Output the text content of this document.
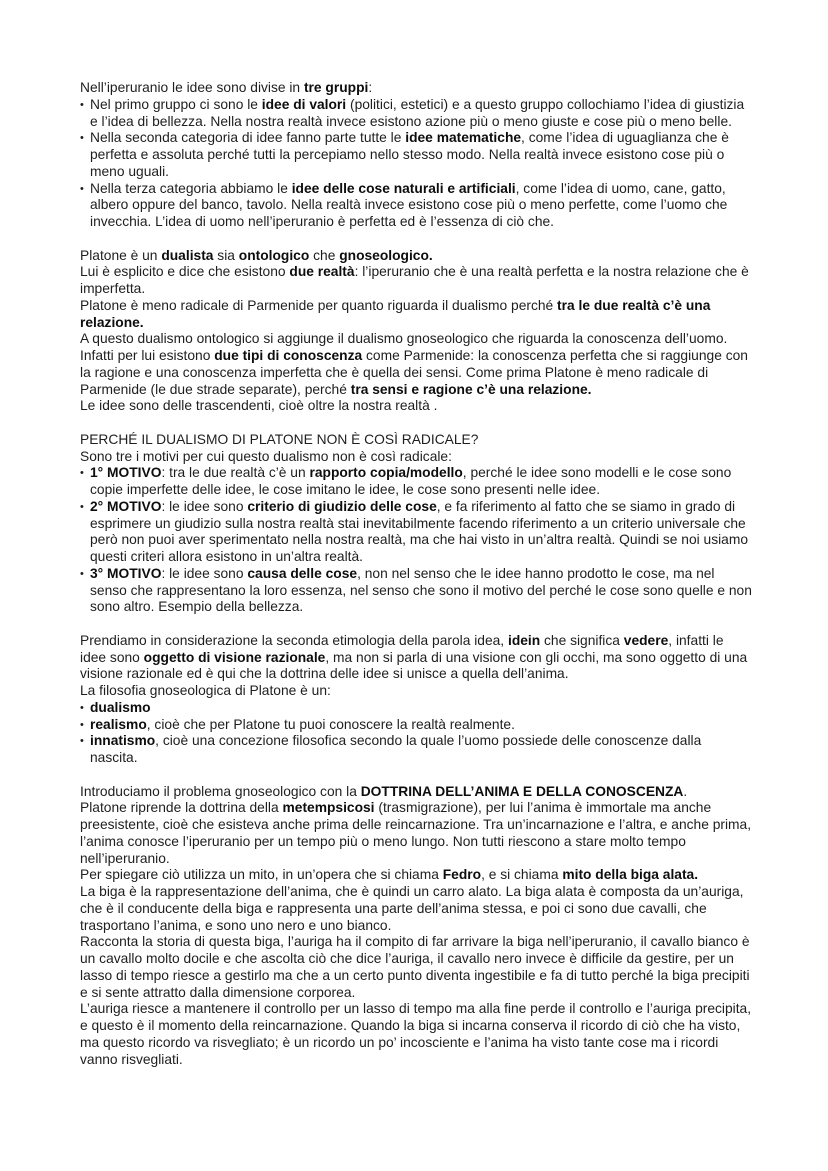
Nell’iperuranio le idee sono divise in tre gruppi:
• Nel primo gruppo ci sono le idee di valori (politici, estetici) e a questo gruppo collochiamo l’idea di giustizia e l’idea di bellezza. Nella nostra realtà invece esistono azione più o meno giuste e cose più o meno belle.
• Nella seconda categoria di idee fanno parte tutte le idee matematiche, come l’idea di uguaglianza che è perfetta e assoluta perché tutti la percepiamo nello stesso modo. Nella realtà invece esistono cose più o meno uguali.
• Nella terza categoria abbiamo le idee delle cose naturali e artificiali, come l’idea di uomo, cane, gatto, albero oppure del banco, tavolo. Nella realtà invece esistono cose più o meno perfette, come l’uomo che invecchia. L’idea di uomo nell’iperuranio è perfetta ed è l’essenza di ciò che.
Platone è un dualista sia ontologico che gnoseologico.
Lui è esplicito e dice che esistono due realtà: l’iperuranio che è una realtà perfetta e la nostra relazione che è imperfetta.
Platone è meno radicale di Parmenide per quanto riguarda il dualismo perché tra le due realtà c’è una relazione.
A questo dualismo ontologico si aggiunge il dualismo gnoseologico che riguarda la conoscenza dell’uomo. Infatti per lui esistono due tipi di conoscenza come Parmenide: la conoscenza perfetta che si raggiunge con la ragione e una conoscenza imperfetta che è quella dei sensi. Come prima Platone è meno radicale di Parmenide (le due strade separate), perché tra sensi e ragione c’è una relazione.
Le idee sono delle trascendenti, cioè oltre la nostra realtà .
PERCHÉ IL DUALISMO DI PLATONE NON È COSÌ RADICALE?
Sono tre i motivi per cui questo dualismo non è così radicale:
• 1° MOTIVO: tra le due realtà c’è un rapporto copia/modello, perché le idee sono modelli e le cose sono copie imperfette delle idee, le cose imitano le idee, le cose sono presenti nelle idee.
• 2° MOTIVO: le idee sono criterio di giudizio delle cose, e fa riferimento al fatto che se siamo in grado di esprimere un giudizio sulla nostra realtà stai inevitabilmente facendo riferimento a un criterio universale che però non puoi aver sperimentato nella nostra realtà, ma che hai visto in un’altra realtà. Quindi se noi usiamo questi criteri allora esistono in un’altra realtà.
• 3° MOTIVO: le idee sono causa delle cose, non nel senso che le idee hanno prodotto le cose, ma nel senso che rappresentano la loro essenza, nel senso che sono il motivo del perché le cose sono quelle e non sono altro. Esempio della bellezza.
Prendiamo in considerazione la seconda etimologia della parola idea, idein che significa vedere, infatti le idee sono oggetto di visione razionale, ma non si parla di una visione con gli occhi, ma sono oggetto di una visione razionale ed è qui che la dottrina delle idee si unisce a quella dell’anima.
La filosofia gnoseologica di Platone è un:
• dualismo
• realismo, cioè che per Platone tu puoi conoscere la realtà realmente.
• innatismo, cioè una concezione filosofica secondo la quale l’uomo possiede delle conoscenze dalla nascita.
Introduciamo il problema gnoseologico con la DOTTRINA DELL’ANIMA E DELLA CONOSCENZA.
Platone riprende la dottrina della metempsicosi (trasmigrazione), per lui l’anima è immortale ma anche preesistente, cioè che esisteva anche prima delle reincarnazione. Tra un’incarnazione e l’altra, e anche prima, l’anima conosce l’iperuranio per un tempo più o meno lungo. Non tutti riescono a stare molto tempo nell’iperuranio.
Per spiegare ciò utilizza un mito, in un’opera che si chiama Fedro, e si chiama mito della biga alata.
La biga è la rappresentazione dell’anima, che è quindi un carro alato. La biga alata è composta da un’auriga, che è il conducente della biga e rappresenta una parte dell’anima stessa, e poi ci sono due cavalli, che trasportano l’anima, e sono uno nero e uno bianco.
Racconta la storia di questa biga, l’auriga ha il compito di far arrivare la biga nell’iperuranio, il cavallo bianco è un cavallo molto docile e che ascolta ciò che dice l’auriga, il cavallo nero invece è difficile da gestire, per un lasso di tempo riesce a gestirlo ma che a un certo punto diventa ingestibile e fa di tutto perché la biga precipiti e si sente attratto dalla dimensione corporea.
L’auriga riesce a mantenere il controllo per un lasso di tempo ma alla fine perde il controllo e l’auriga precipita, e questo è il momento della reincarnazione. Quando la biga si incarna conserva il ricordo di ciò che ha visto, ma questo ricordo va risvegliato; è un ricordo un po’ incosciente e l’anima ha visto tante cose ma i ricordi vanno risvegliati.
